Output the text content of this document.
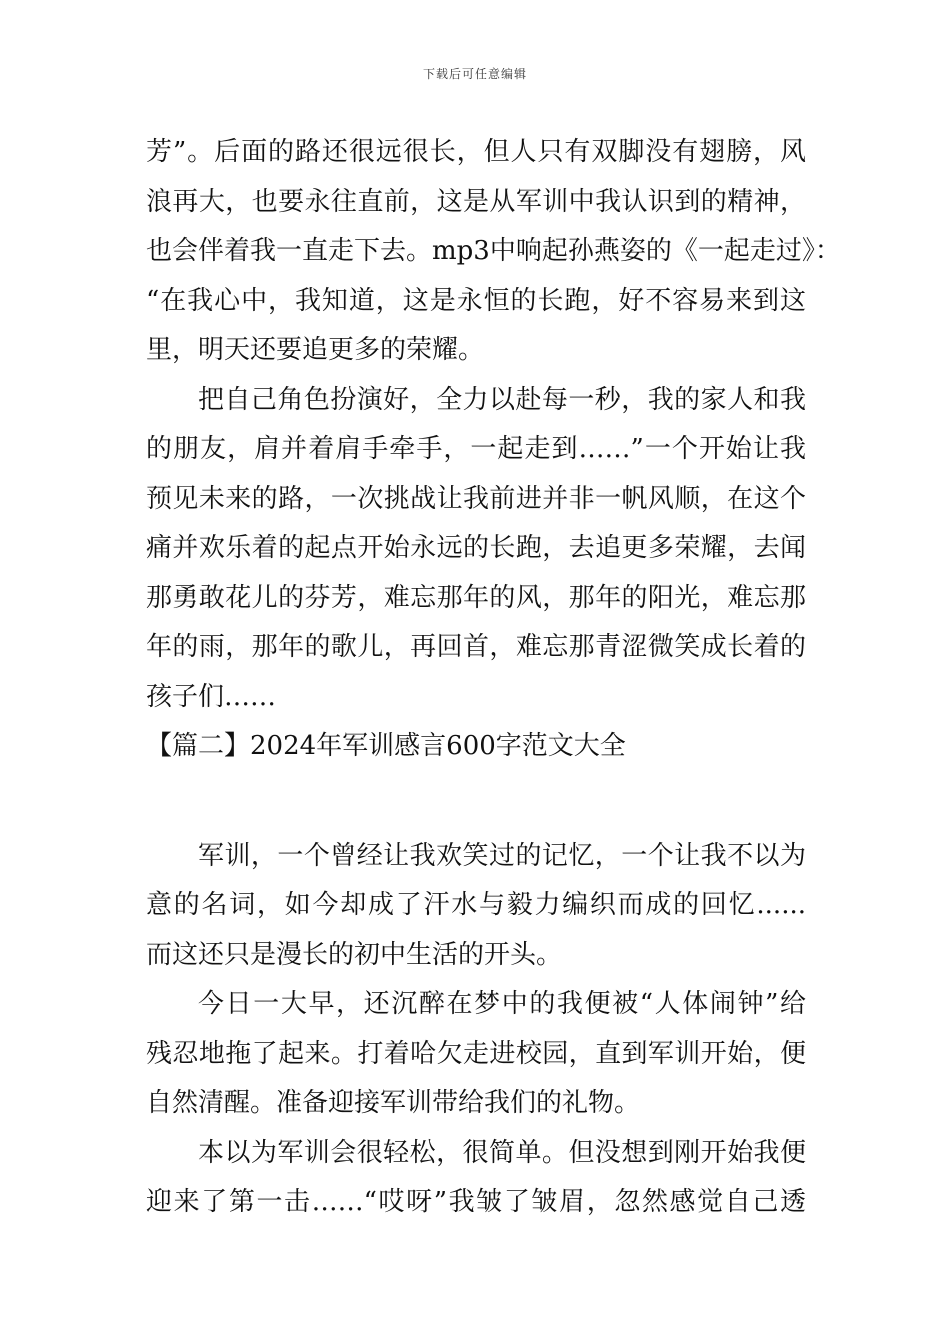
下载后可任意编辑
芳”。后面的路还很远很长，但人只有双脚没有翅膀，风
浪再大，也要永往直前，这是从军训中我认识到的精神，
也会伴着我一直走下去。mp3中响起孙燕姿的《一起走过》：
“在我心中，我知道，这是永恒的长跑，好不容易来到这
里，明天还要追更多的荣耀。
把自己角色扮演好，全力以赴每一秒，我的家人和我
的朋友，肩并着肩手牵手，一起走到……”一个开始让我
预见未来的路，一次挑战让我前进并非一帆风顺，在这个
痛并欢乐着的起点开始永远的长跑，去追更多荣耀，去闻
那勇敢花儿的芬芳，难忘那年的风，那年的阳光，难忘那
年的雨，那年的歌儿，再回首，难忘那青涩微笑成长着的
孩子们……
【篇二】2024年军训感言600字范文大全
军训，一个曾经让我欢笑过的记忆，一个让我不以为
意的名词，如今却成了汗水与毅力编织而成的回忆......
而这还只是漫长的初中生活的开头。
今日一大早，还沉醉在梦中的我便被“人体闹钟”给
残忍地拖了起来。打着哈欠走进校园，直到军训开始，便
自然清醒。准备迎接军训带给我们的礼物。
本以为军训会很轻松，很简单。但没想到刚开始我便
迎来了第一击……“哎呀”我皱了皱眉，忽然感觉自己透
